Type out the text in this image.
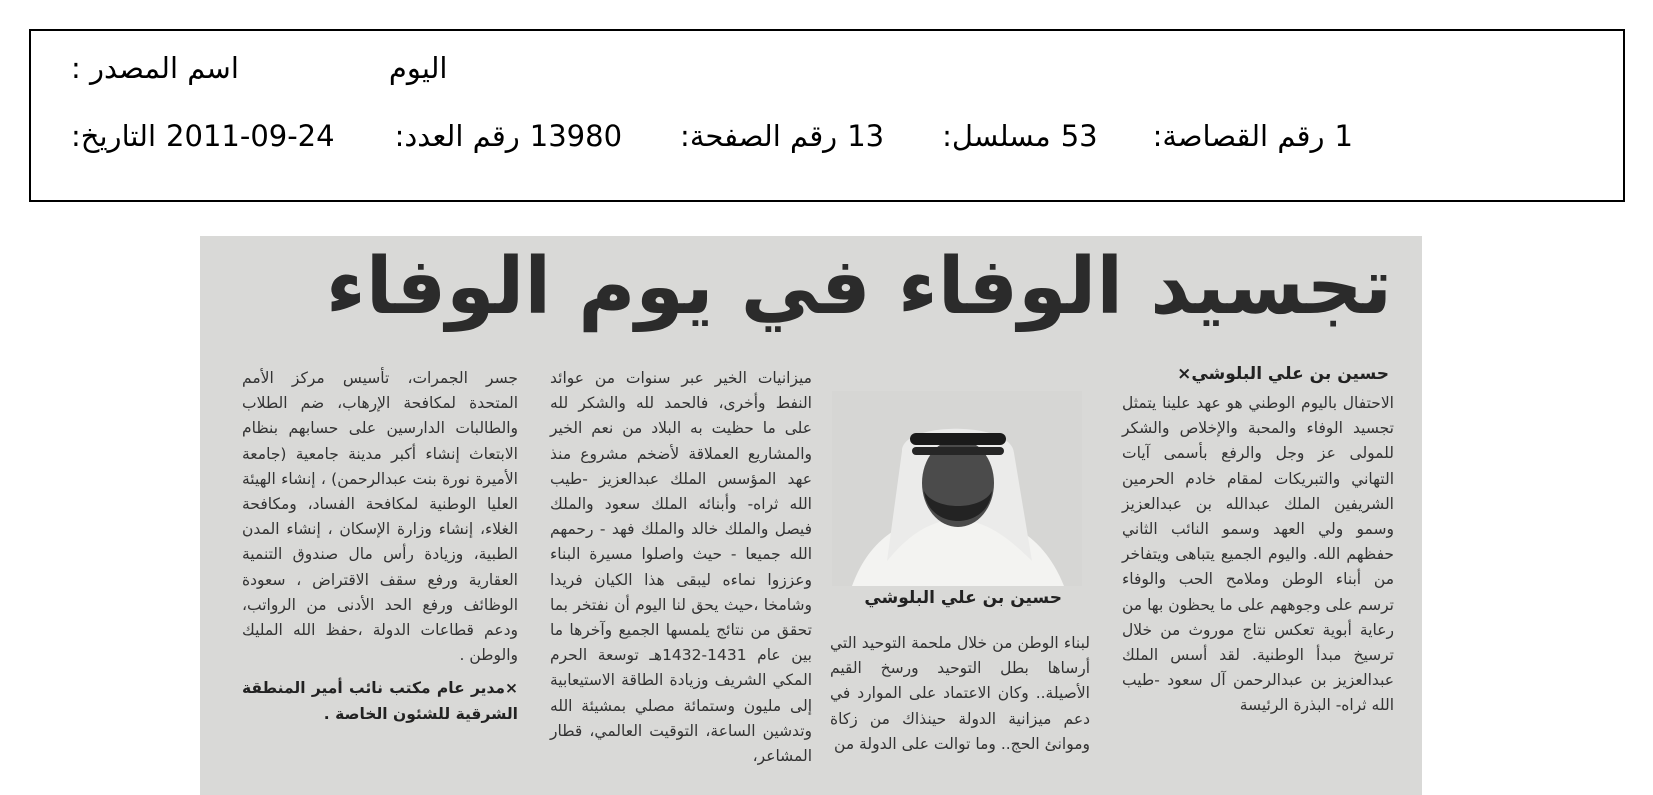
اسم المصدر :	اليوم
التاريخ: 2011-09-24 رقم العدد: 13980 رقم الصفحة: 13 مسلسل: 53 رقم القصاصة: 1
تجسيد الوفاء في يوم الوفاء
حسين بن علي البلوشي×

الاحتفال باليوم الوطني هو عهد علينا يتمثل تجسيد الوفاء والمحبة والإخلاص والشكر للمولى عز وجل والرفع بأسمى آيات التهاني والتبريكات لمقام خادم الحرمين الشريفين الملك عبدالله بن عبدالعزيز وسمو ولي العهد وسمو النائب الثاني حفظهم الله. واليوم الجميع يتباهى ويتفاخر من أبناء الوطن وملامح الحب والوفاء ترسم على وجوههم على ما يحظون بها من رعاية أبوية تعكس نتاج موروث من خلال ترسيخ مبدأ الوطنية. لقد أسس الملك عبدالعزيز بن عبدالرحمن آل سعود -طيب الله ثراه- البذرة الرئيسة

حسين بن علي البلوشي

لبناء الوطن من خلال ملحمة التوحيد التي أرساها بطل التوحيد ورسخ القيم الأصيلة.. وكان الاعتماد على الموارد في دعم ميزانية الدولة حينذاك من زكاة وموانئ الحج.. وما توالت على الدولة من

ميزانيات الخير عبر سنوات من عوائد النفط وأخرى، فالحمد لله والشكر لله على ما حظيت به البلاد من نعم الخير والمشاريع العملاقة لأضخم مشروع منذ عهد المؤسس الملك عبدالعزيز -طيب الله ثراه- وأبنائه الملك سعود والملك فيصل والملك خالد والملك فهد - رحمهم الله جميعا - حيث واصلوا مسيرة البناء وعززوا نماءه ليبقى هذا الكيان فريدا وشامخا ،حيث يحق لنا اليوم أن نفتخر بما تحقق من نتائج يلمسها الجميع وآخرها ما بين عام 1431-1432هـ توسعة الحرم المكي الشريف وزيادة الطاقة الاستيعابية إلى مليون وستمائة مصلي بمشيئة الله وتدشين الساعة، التوقيت العالمي، قطار المشاعر،

جسر الجمرات، تأسيس مركز الأمم المتحدة لمكافحة الإرهاب، ضم الطلاب والطالبات الدارسين على حسابهم بنظام الابتعاث إنشاء أكبر مدينة جامعية (جامعة الأميرة نورة بنت عبدالرحمن) ، إنشاء الهيئة العليا الوطنية لمكافحة الفساد، ومكافحة الغلاء، إنشاء وزارة الإسكان ، إنشاء المدن الطبية، وزيادة رأس مال صندوق التنمية العقارية ورفع سقف الاقتراض ، سعودة الوظائف ورفع الحد الأدنى من الرواتب، ودعم قطاعات الدولة ،حفظ الله المليك والوطن .

×مدير عام مكتب نائب أمير المنطقة الشرقية للشئون الخاصة .
